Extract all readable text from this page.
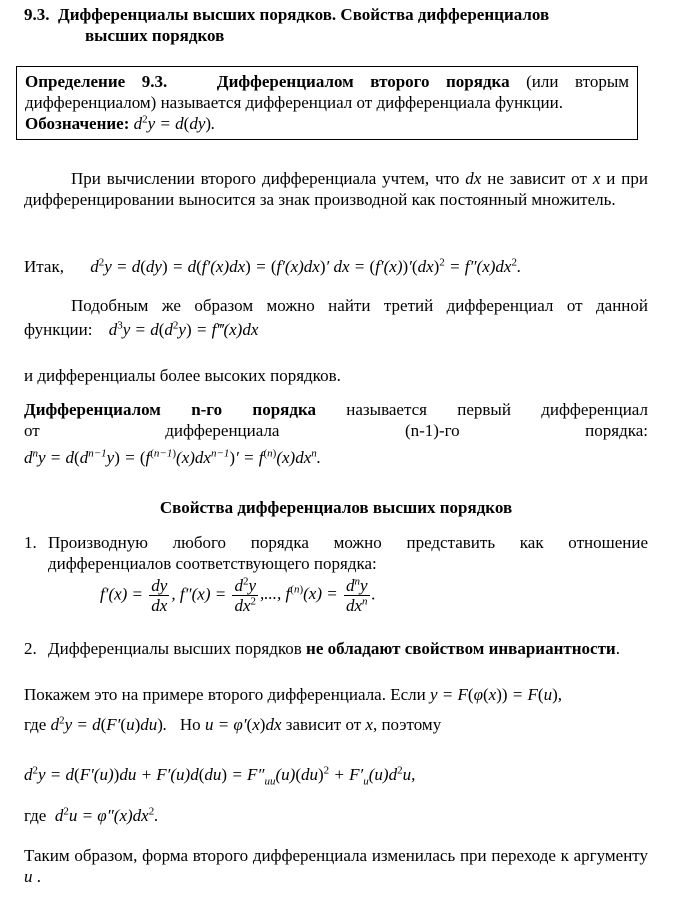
9.3. Дифференциалы высших порядков. Свойства дифференциалов
высших порядков
Определение 9.3.	Дифференциалом второго порядка (или вторым
дифференциалом) называется дифференциал от дифференциала функции.
Обозначение: $d^2y = d(dy)$.
При вычислении второго дифференциала учтем, что dx не зависит от x и при дифференцировании выносится за знак производной как постоянный множитель.
Итак, $d^2y = d(dy) = d(f'(x)dx) = (f'(x)dx)'$ dx = $(f'(x))'(dx)^2 = f''(x)dx^2$.
Подобным же образом можно найти третий дифференциал от данной
функции: $d^3y = d(d^2y)$ = f‴(x)dx
и дифференциалы более высоких порядков.
Дифференциалом n-го порядка называется первый дифференциал
от дифференциала (n-1)-го порядка:
$d^ny = d(d^{n-1}y) = (f^{(n-1)}(x)dx^{n-1})' = f^{(n)}(x)dx^n$.
Свойства дифференциалов высших порядков
1. Производную любого порядка можно представить как отношение дифференциалов соответствующего порядка:
$f'(x) = \frac{dy}{dx}$ , $f''(x) = \frac{d^2y}{dx^2}$ ,..., $f^{(n)}(x) = \frac{d^ny}{dx^n}$ .
2. Дифференциалы высших порядков не обладают свойством инвариантности.
Покажем это на примере второго дифференциала. Если y = F(φ(x)) = F(u),
где $d^2y = d(F'(u)du)$. Но u = φ′(x)dx зависит от x, поэтому
$d^2y = d(F'(u))du + F'(u)d(du) = F''_{uu}(u)(du)^2 + F'_u(u)d^2u$,
где $d^2u = \varphi''(x)dx^2$.
Таким образом, форма второго дифференциала изменилась при переходе к аргументу u .
